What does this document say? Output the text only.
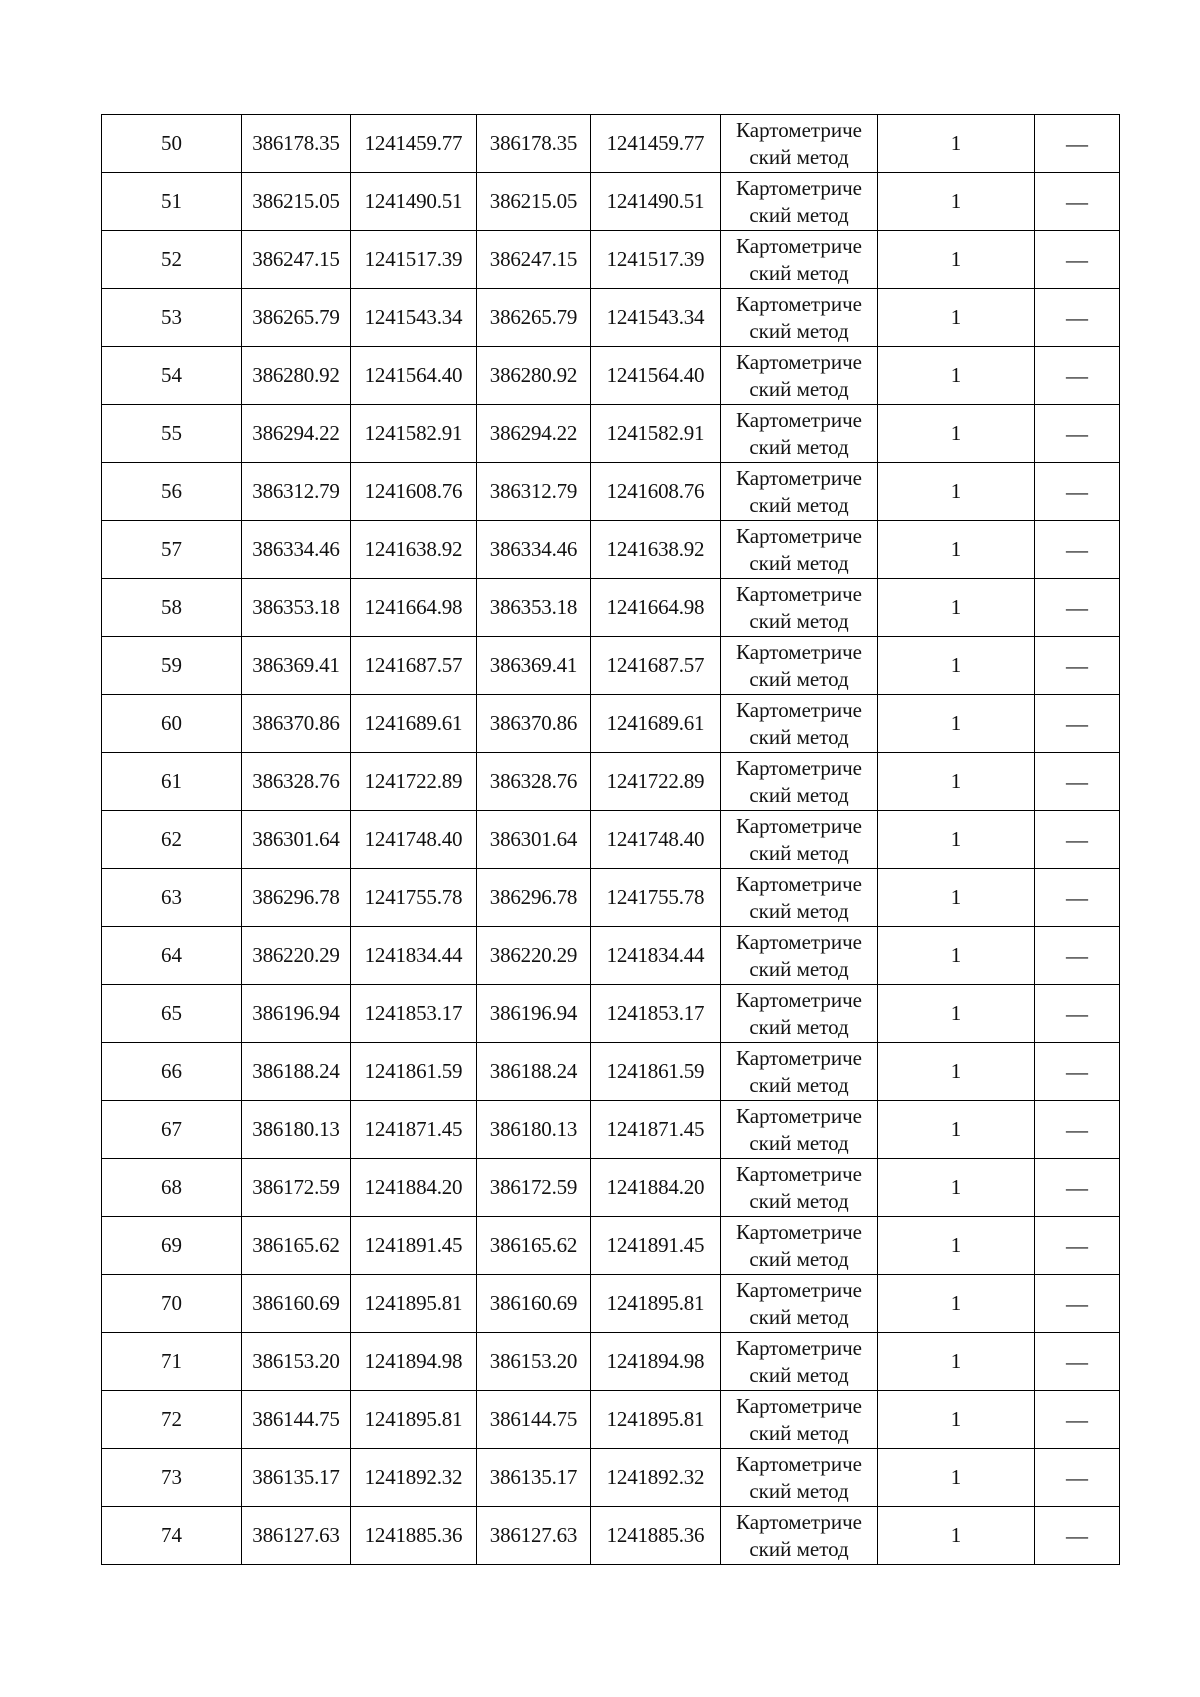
50	386178.35	1241459.77	386178.35	1241459.77	Картометриче
ский метод	1	—
51	386215.05	1241490.51	386215.05	1241490.51	Картометриче
ский метод	1	—
52	386247.15	1241517.39	386247.15	1241517.39	Картометриче
ский метод	1	—
53	386265.79	1241543.34	386265.79	1241543.34	Картометриче
ский метод	1	—
54	386280.92	1241564.40	386280.92	1241564.40	Картометриче
ский метод	1	—
55	386294.22	1241582.91	386294.22	1241582.91	Картометриче
ский метод	1	—
56	386312.79	1241608.76	386312.79	1241608.76	Картометриче
ский метод	1	—
57	386334.46	1241638.92	386334.46	1241638.92	Картометриче
ский метод	1	—
58	386353.18	1241664.98	386353.18	1241664.98	Картометриче
ский метод	1	—
59	386369.41	1241687.57	386369.41	1241687.57	Картометриче
ский метод	1	—
60	386370.86	1241689.61	386370.86	1241689.61	Картометриче
ский метод	1	—
61	386328.76	1241722.89	386328.76	1241722.89	Картометриче
ский метод	1	—
62	386301.64	1241748.40	386301.64	1241748.40	Картометриче
ский метод	1	—
63	386296.78	1241755.78	386296.78	1241755.78	Картометриче
ский метод	1	—
64	386220.29	1241834.44	386220.29	1241834.44	Картометриче
ский метод	1	—
65	386196.94	1241853.17	386196.94	1241853.17	Картометриче
ский метод	1	—
66	386188.24	1241861.59	386188.24	1241861.59	Картометриче
ский метод	1	—
67	386180.13	1241871.45	386180.13	1241871.45	Картометриче
ский метод	1	—
68	386172.59	1241884.20	386172.59	1241884.20	Картометриче
ский метод	1	—
69	386165.62	1241891.45	386165.62	1241891.45	Картометриче
ский метод	1	—
70	386160.69	1241895.81	386160.69	1241895.81	Картометриче
ский метод	1	—
71	386153.20	1241894.98	386153.20	1241894.98	Картометриче
ский метод	1	—
72	386144.75	1241895.81	386144.75	1241895.81	Картометриче
ский метод	1	—
73	386135.17	1241892.32	386135.17	1241892.32	Картометриче
ский метод	1	—
74	386127.63	1241885.36	386127.63	1241885.36	Картометриче
ский метод	1	—
